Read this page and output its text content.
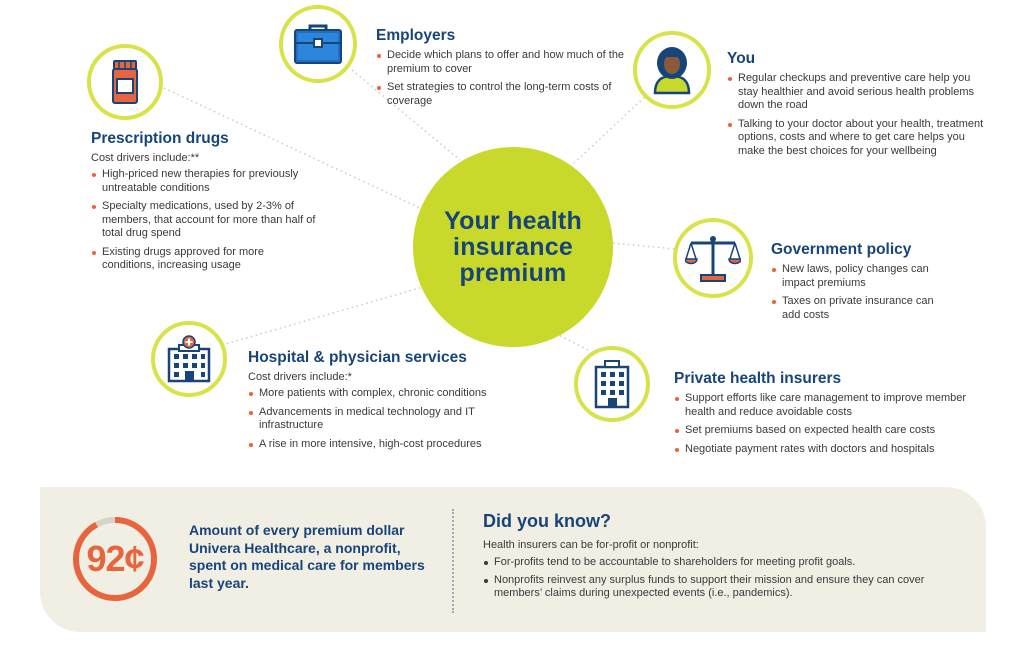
Your health insurance premium
Employers
Decide which plans to offer and how much of the premium to cover
Set strategies to control the long-term costs of coverage
You
Regular checkups and preventive care help you stay healthier and avoid serious health problems down the road
Talking to your doctor about your health, treatment options, costs and where to get care helps you make the best choices for your wellbeing
Prescription drugs
Cost drivers include:**
High-priced new therapies for previously untreatable conditions
Specialty medications, used by 2-3% of members, that account for more than half of total drug spend
Existing drugs approved for more conditions, increasing usage
Government policy
New laws, policy changes can impact premiums
Taxes on private insurance can add costs
Hospital & physician services
Cost drivers include:*
More patients with complex, chronic conditions
Advancements in medical technology and IT infrastructure
A rise in more intensive, high-cost procedures
Private health insurers
Support efforts like care management to improve member health and reduce avoidable costs
Set premiums based on expected health care costs
Negotiate payment rates with doctors and hospitals
92¢
Amount of every premium dollar Univera Healthcare, a nonprofit, spent on medical care for members last year.
Did you know?
Health insurers can be for-profit or nonprofit:
For-profits tend to be accountable to shareholders for meeting profit goals.
Nonprofits reinvest any surplus funds to support their mission and ensure they can cover members’ claims during unexpected events (i.e., pandemics).
